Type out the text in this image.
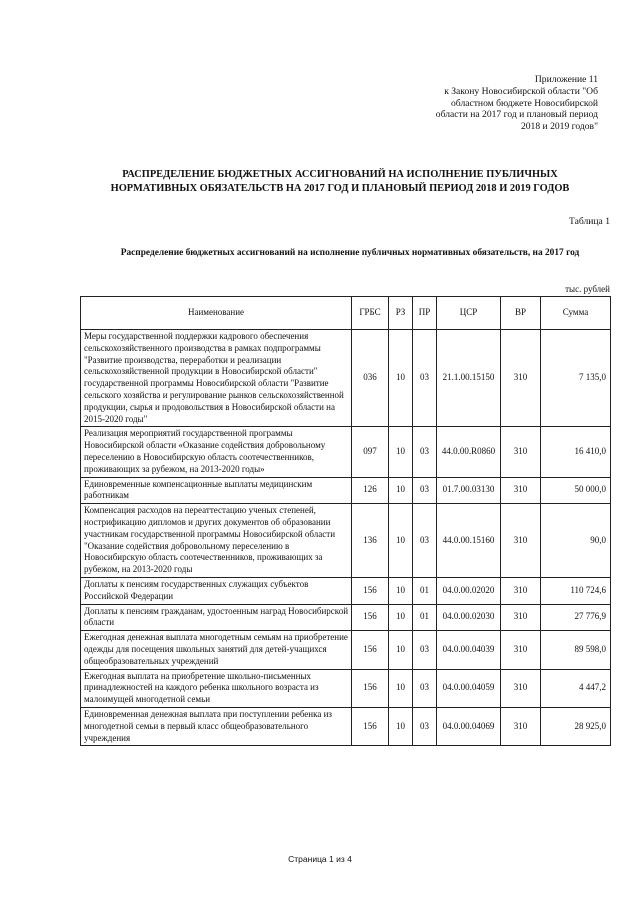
Приложение 11
к Закону Новосибирской области "Об
областном бюджете Новосибирской
области на 2017 год и плановый период
2018 и 2019 годов"
РАСПРЕДЕЛЕНИЕ БЮДЖЕТНЫХ АССИГНОВАНИЙ НА ИСПОЛНЕНИЕ ПУБЛИЧНЫХ
НОРМАТИВНЫХ ОБЯЗАТЕЛЬСТВ НА 2017 ГОД И ПЛАНОВЫЙ ПЕРИОД 2018 И 2019 ГОДОВ
Таблица 1
Распределение бюджетных ассигнований на исполнение публичных нормативных обязательств, на 2017 год
тыс. рублей
Наименование	ГРБС	РЗ	ПР	ЦСР	ВР	Сумма
Меры государственной поддержки кадрового обеспечения сельскохозяйственного производства в рамках подпрограммы "Развитие производства, переработки и реализации сельскохозяйственной продукции в Новосибирской области" государственной программы Новосибирской области "Развитие сельского хозяйства и регулирование рынков сельскохозяйственной продукции, сырья и продовольствия в Новосибирской области на 2015-2020 годы"	036	10	03	21.1.00.15150	310	7 135,0
Реализация мероприятий государственной программы Новосибирской области «Оказание содействия добровольному переселению в Новосибирскую область соотечественников, проживающих за рубежом, на 2013-2020 годы»	097	10	03	44.0.00.R0860	310	16 410,0
Единовременные компенсационные выплаты медицинским работникам	126	10	03	01.7.00.03130	310	50 000,0
Компенсация расходов на переаттестацию ученых степеней, нострификацию дипломов и других документов об образовании участникам государственной программы Новосибирской области "Оказание содействия добровольному переселению в Новосибирскую область соотечественников, проживающих за рубежом, на 2013-2020 годы	136	10	03	44.0.00.15160	310	90,0
Доплаты к пенсиям государственных служащих субъектов Российской Федерации	156	10	01	04.0.00.02020	310	110 724,6
Доплаты к пенсиям гражданам, удостоенным наград Новосибирской области	156	10	01	04.0.00.02030	310	27 776,9
Ежегодная денежная выплата многодетным семьям на приобретение одежды для посещения школьных занятий для детей-учащихся общеобразовательных учреждений	156	10	03	04.0.00.04039	310	89 598,0
Ежегодная выплата на приобретение школьно-письменных принадлежностей на каждого ребенка школьного возраста из малоимущей многодетной семьи	156	10	03	04.0.00.04059	310	4 447,2
Единовременная денежная выплата при поступлении ребенка из многодетной семьи в первый класс общеобразовательного учреждения	156	10	03	04.0.00.04069	310	28 925,0
Страница 1 из 4
